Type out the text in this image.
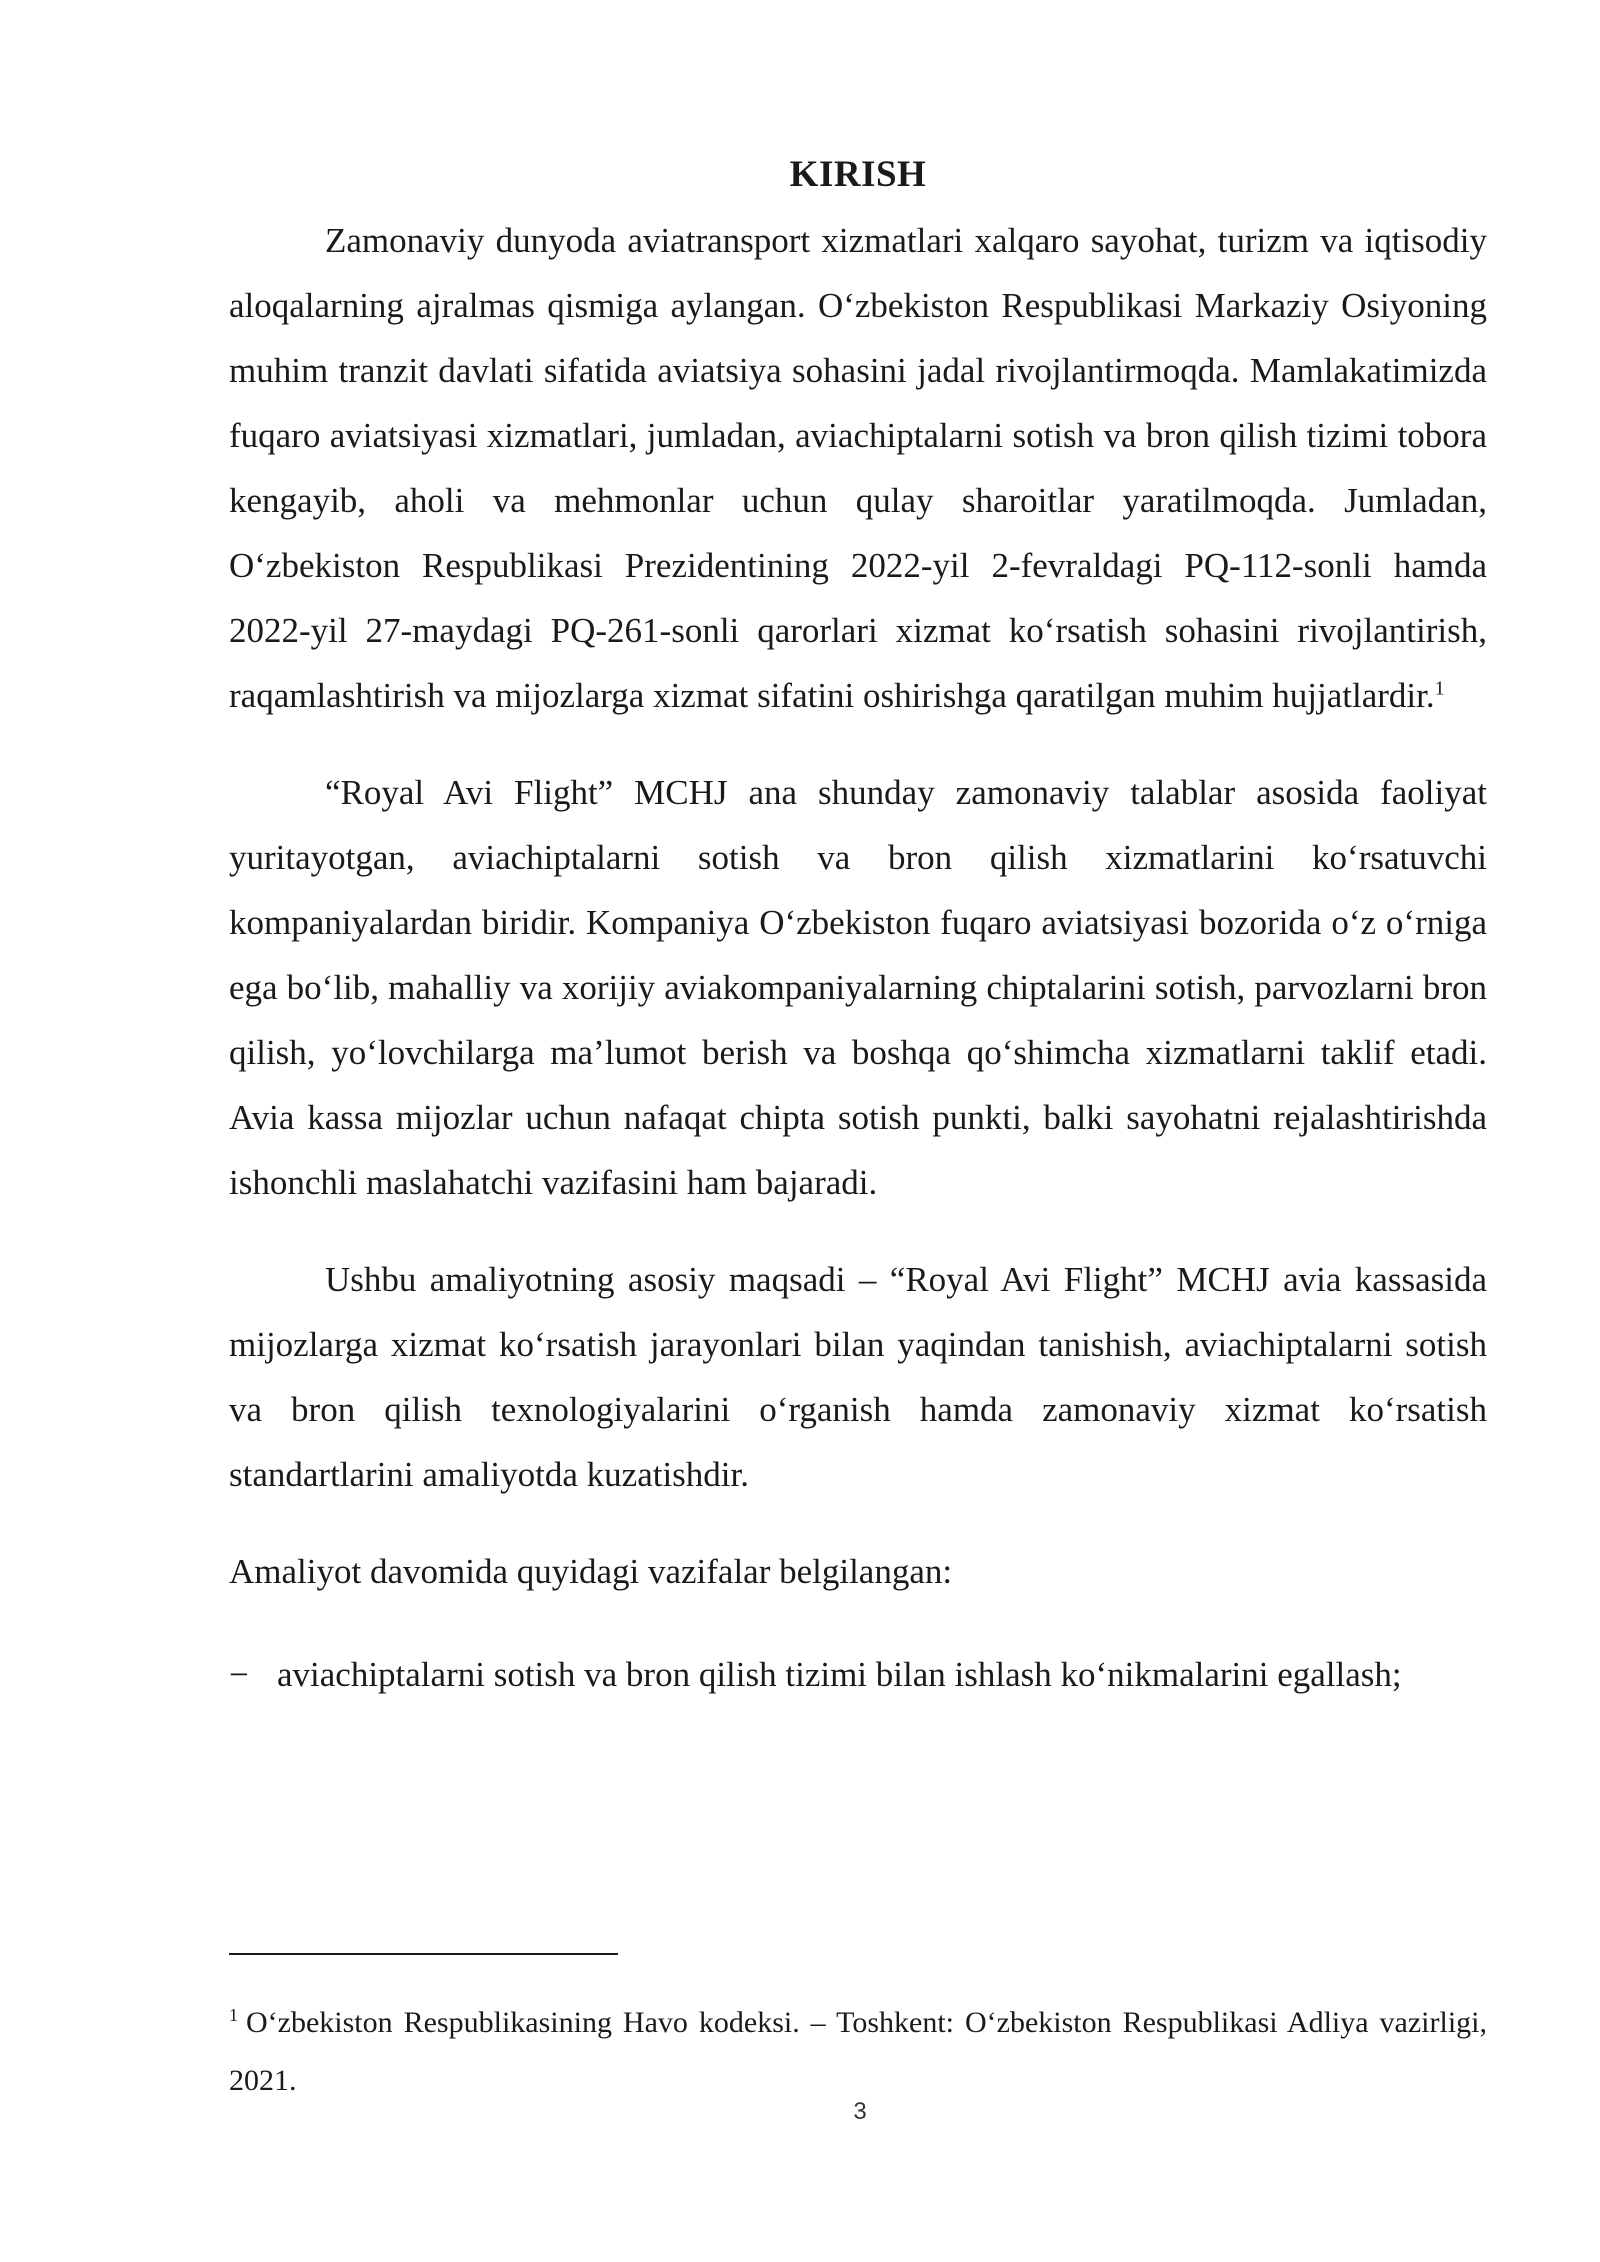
KIRISH

Zamonaviy dunyoda aviatransport xizmatlari xalqaro sayohat, turizm va iqtisodiy aloqalarning ajralmas qismiga aylangan. O‘zbekiston Respublikasi Markaziy Osiyoning muhim tranzit davlati sifatida aviatsiya sohasini jadal rivojlantirmoqda. Mamlakatimizda fuqaro aviatsiyasi xizmatlari, jumladan, aviachiptalarni sotish va bron qilish tizimi tobora kengayib, aholi va mehmonlar uchun qulay sharoitlar yaratilmoqda. Jumladan, O‘zbekiston Respublikasi Prezidentining 2022-yil 2-fevraldagi PQ-112-sonli hamda 2022-yil 27-maydagi PQ-261-sonli qarorlari xizmat ko‘rsatish sohasini rivojlantirish, raqamlashtirish va mijozlarga xizmat sifatini oshirishga qaratilgan muhim hujjatlardir.$^1$

“Royal Avi Flight” MCHJ ana shunday zamonaviy talablar asosida faoliyat yuritayotgan, aviachiptalarni sotish va bron qilish xizmatlarini ko‘rsatuvchi kompaniyalardan biridir. Kompaniya O‘zbekiston fuqaro aviatsiyasi bozorida o‘z o‘rniga ega bo‘lib, mahalliy va xorijiy aviakompaniyalarning chiptalarini sotish, parvozlarni bron qilish, yo‘lovchilarga ma’lumot berish va boshqa qo‘shimcha xizmatlarni taklif etadi. Avia kassa mijozlar uchun nafaqat chipta sotish punkti, balki sayohatni rejalashtirishda ishonchli maslahatchi vazifasini ham bajaradi.

Ushbu amaliyotning asosiy maqsadi – “Royal Avi Flight” MCHJ avia kassasida mijozlarga xizmat ko‘rsatish jarayonlari bilan yaqindan tanishish, aviachiptalarni sotish va bron qilish texnologiyalarini o‘rganish hamda zamonaviy xizmat ko‘rsatish standartlarini amaliyotda kuzatishdir.

Amaliyot davomida quyidagi vazifalar belgilangan:

− aviachiptalarni sotish va bron qilish tizimi bilan ishlash ko‘nikmalarini egallash;

$^1$ O‘zbekiston Respublikasining Havo kodeksi. – Toshkent: O‘zbekiston Respublikasi Adliya vazirligi, 2021.

3
